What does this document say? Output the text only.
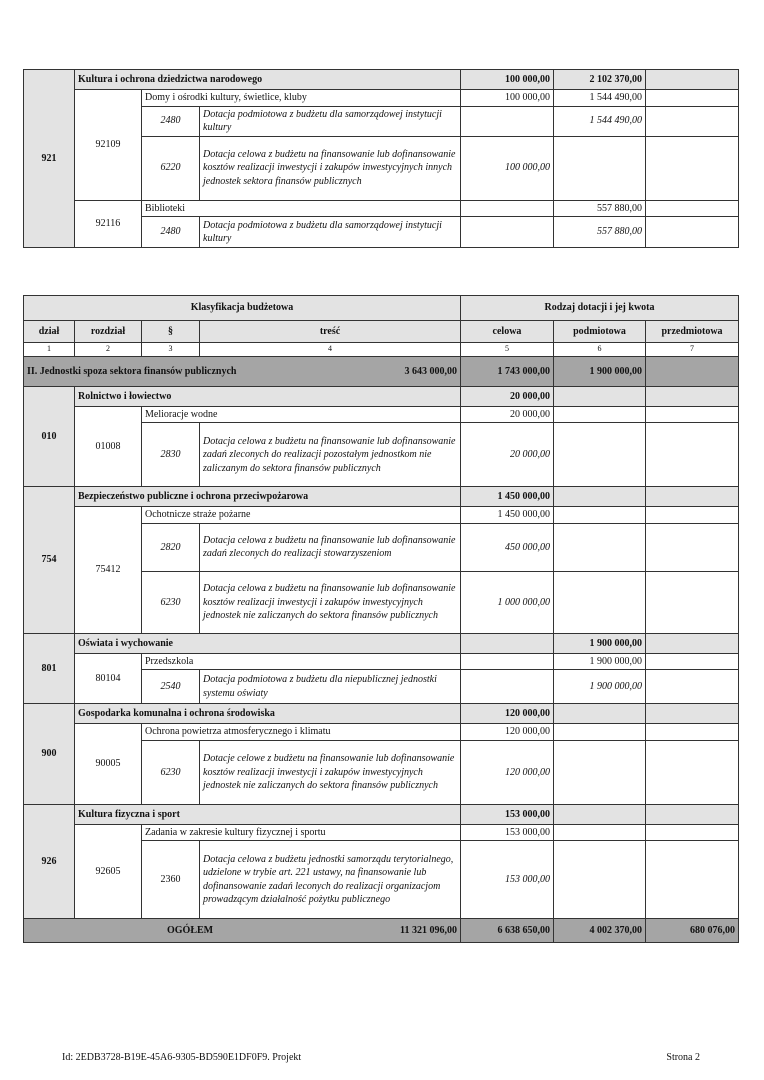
921	Kultura i ochrona dziedzictwa narodowego			100 000,00	2 102 370,00	
	92109	Domy i ośrodki kultury, świetlice, kluby		100 000,00	1 544 490,00	
		2480	Dotacja podmiotowa z budżetu dla samorządowej instytucji kultury		1 544 490,00	
		6220	Dotacja celowa z budżetu na finansowanie lub dofinansowanie kosztów realizacji inwestycji i zakupów inwestycyjnych innych jednostek sektora finansów publicznych	100 000,00		
	92116	Biblioteki			557 880,00	
		2480	Dotacja podmiotowa z budżetu dla samorządowej instytucji kultury		557 880,00	
Klasyfikacja budżetowa				Rodzaj dotacji i jej kwota		
dział	rozdział	§	treść	celowa	podmiotowa	przedmiotowa
1	2	3	4	5	6	7
II. Jednostki spoza sektora finansów publicznych 3 643 000,00				1 743 000,00	1 900 000,00	
010	Rolnictwo i łowiectwo			20 000,00		
	01008	Melioracje wodne		20 000,00		
		2830	Dotacja celowa z budżetu na finansowanie lub dofinansowanie zadań zleconych do realizacji pozostałym jednostkom nie zaliczanym do sektora finansów publicznych	20 000,00		

754	Bezpieczeństwo publiczne i ochrona przeciwpożarowa			1 450 000,00		
	75412	Ochotnicze straże pożarne		1 450 000,00		
		2820	Dotacja celowa z budżetu na finansowanie lub dofinansowanie zadań zleconych do realizacji stowarzyszeniom	450 000,00		
		6230	Dotacja celowa z budżetu na finansowanie lub dofinansowanie kosztów realizacji inwestycji i zakupów inwestycyjnych jednostek nie zaliczanych do sektora finansów publicznych	1 000 000,00		
801	Oświata i wychowanie				1 900 000,00	
	80104	Przedszkola			1 900 000,00	
		2540	Dotacja podmiotowa z budżetu dla niepublicznej jednostki systemu oświaty		1 900 000,00	
900	Gospodarka komunalna i ochrona środowiska			120 000,00		
	90005	Ochrona powietrza atmosferycznego i klimatu		120 000,00		
		6230	Dotacje celowe z budżetu na finansowanie lub dofinansowanie kosztów realizacji inwestycji i zakupów inwestycyjnych jednostek nie zaliczanych do sektora finansów publicznych	120 000,00		
926	Kultura fizyczna i sport			153 000,00		
	92605	Zadania w zakresie kultury fizycznej i sportu		153 000,00		
		2360	Dotacja celowa z budżetu jednostki samorządu terytorialnego, udzielone w trybie art. 221 ustawy, na finansowanie lub dofinansowanie zadań leconych do realizacji organizacjom prowadzącym działalność pożytku publicznego	153 000,00		
OGÓŁEM 11 321 096,00				6 638 650,00	4 002 370,00	680 076,00
Id: 2EDB3728-B19E-45A6-9305-BD590E1DF0F9. Projekt	Strona 2
